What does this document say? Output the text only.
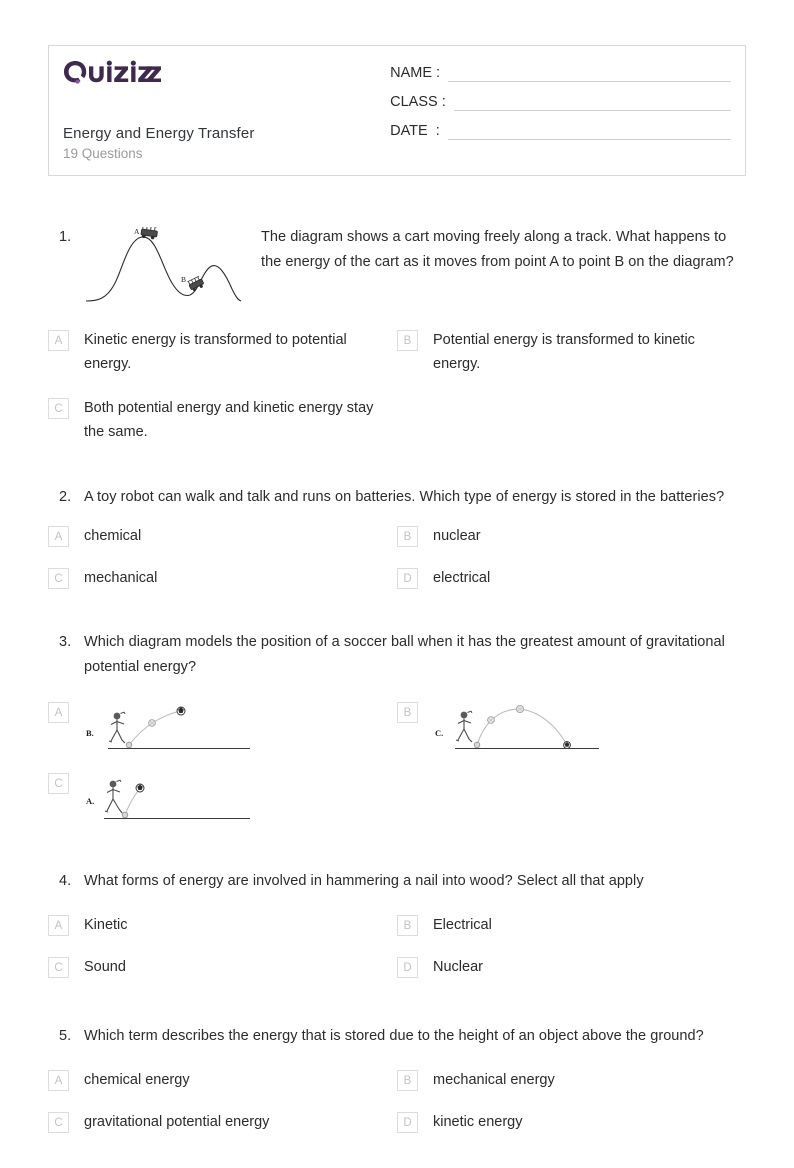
Energy and Energy Transfer
19 Questions
NAME :
CLASS :
DATE  :
1.	A
B
The diagram shows a cart moving freely along a track. What happens to the energy of the cart as it moves from point A to point B on the diagram?
A	Kinetic energy is transformed to potential energy.
B	Potential energy is transformed to kinetic energy.
C	Both potential energy and kinetic energy stay the same.
2. A toy robot can walk and talk and runs on batteries. Which type of energy is stored in the batteries?
A	chemical	B	nuclear
C	mechanical	D	electrical
3. Which diagram models the position of a soccer ball when it has the greatest amount of gravitational potential energy?
A
B.
B
C.
C
A.
4. What forms of energy are involved in hammering a nail into wood? Select all that apply
A	Kinetic	B	Electrical
C	Sound	D	Nuclear
5. Which term describes the energy that is stored due to the height of an object above the ground?
A	chemical energy	B	mechanical energy
C	gravitational potential energy	D	kinetic energy
